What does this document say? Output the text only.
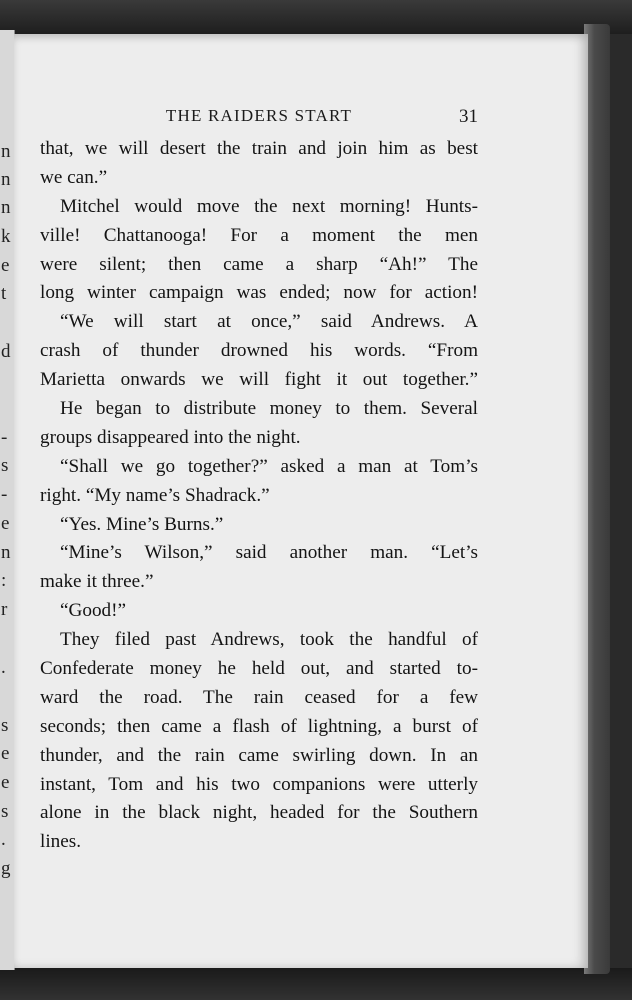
n
n
n
k
e
t
d
-
s
-
e
n
:
r
.
s
e
e
s
.
g
THE RAIDERS START	31
that, we will desert the train and join him as best
we can.”
Mitchel would move the next morning! Hunts-
ville! Chattanooga! For a moment the men
were silent; then came a sharp “Ah!” The
long winter campaign was ended; now for action!
“We will start at once,” said Andrews. A
crash of thunder drowned his words. “From
Marietta onwards we will fight it out together.”
He began to distribute money to them. Several
groups disappeared into the night.
“Shall we go together?” asked a man at Tom’s
right. “My name’s Shadrack.”
“Yes. Mine’s Burns.”
“Mine’s Wilson,” said another man. “Let’s
make it three.”
“Good!”
They filed past Andrews, took the handful of
Confederate money he held out, and started to-
ward the road. The rain ceased for a few
seconds; then came a flash of lightning, a burst of
thunder, and the rain came swirling down. In an
instant, Tom and his two companions were utterly
alone in the black night, headed for the Southern
lines.
